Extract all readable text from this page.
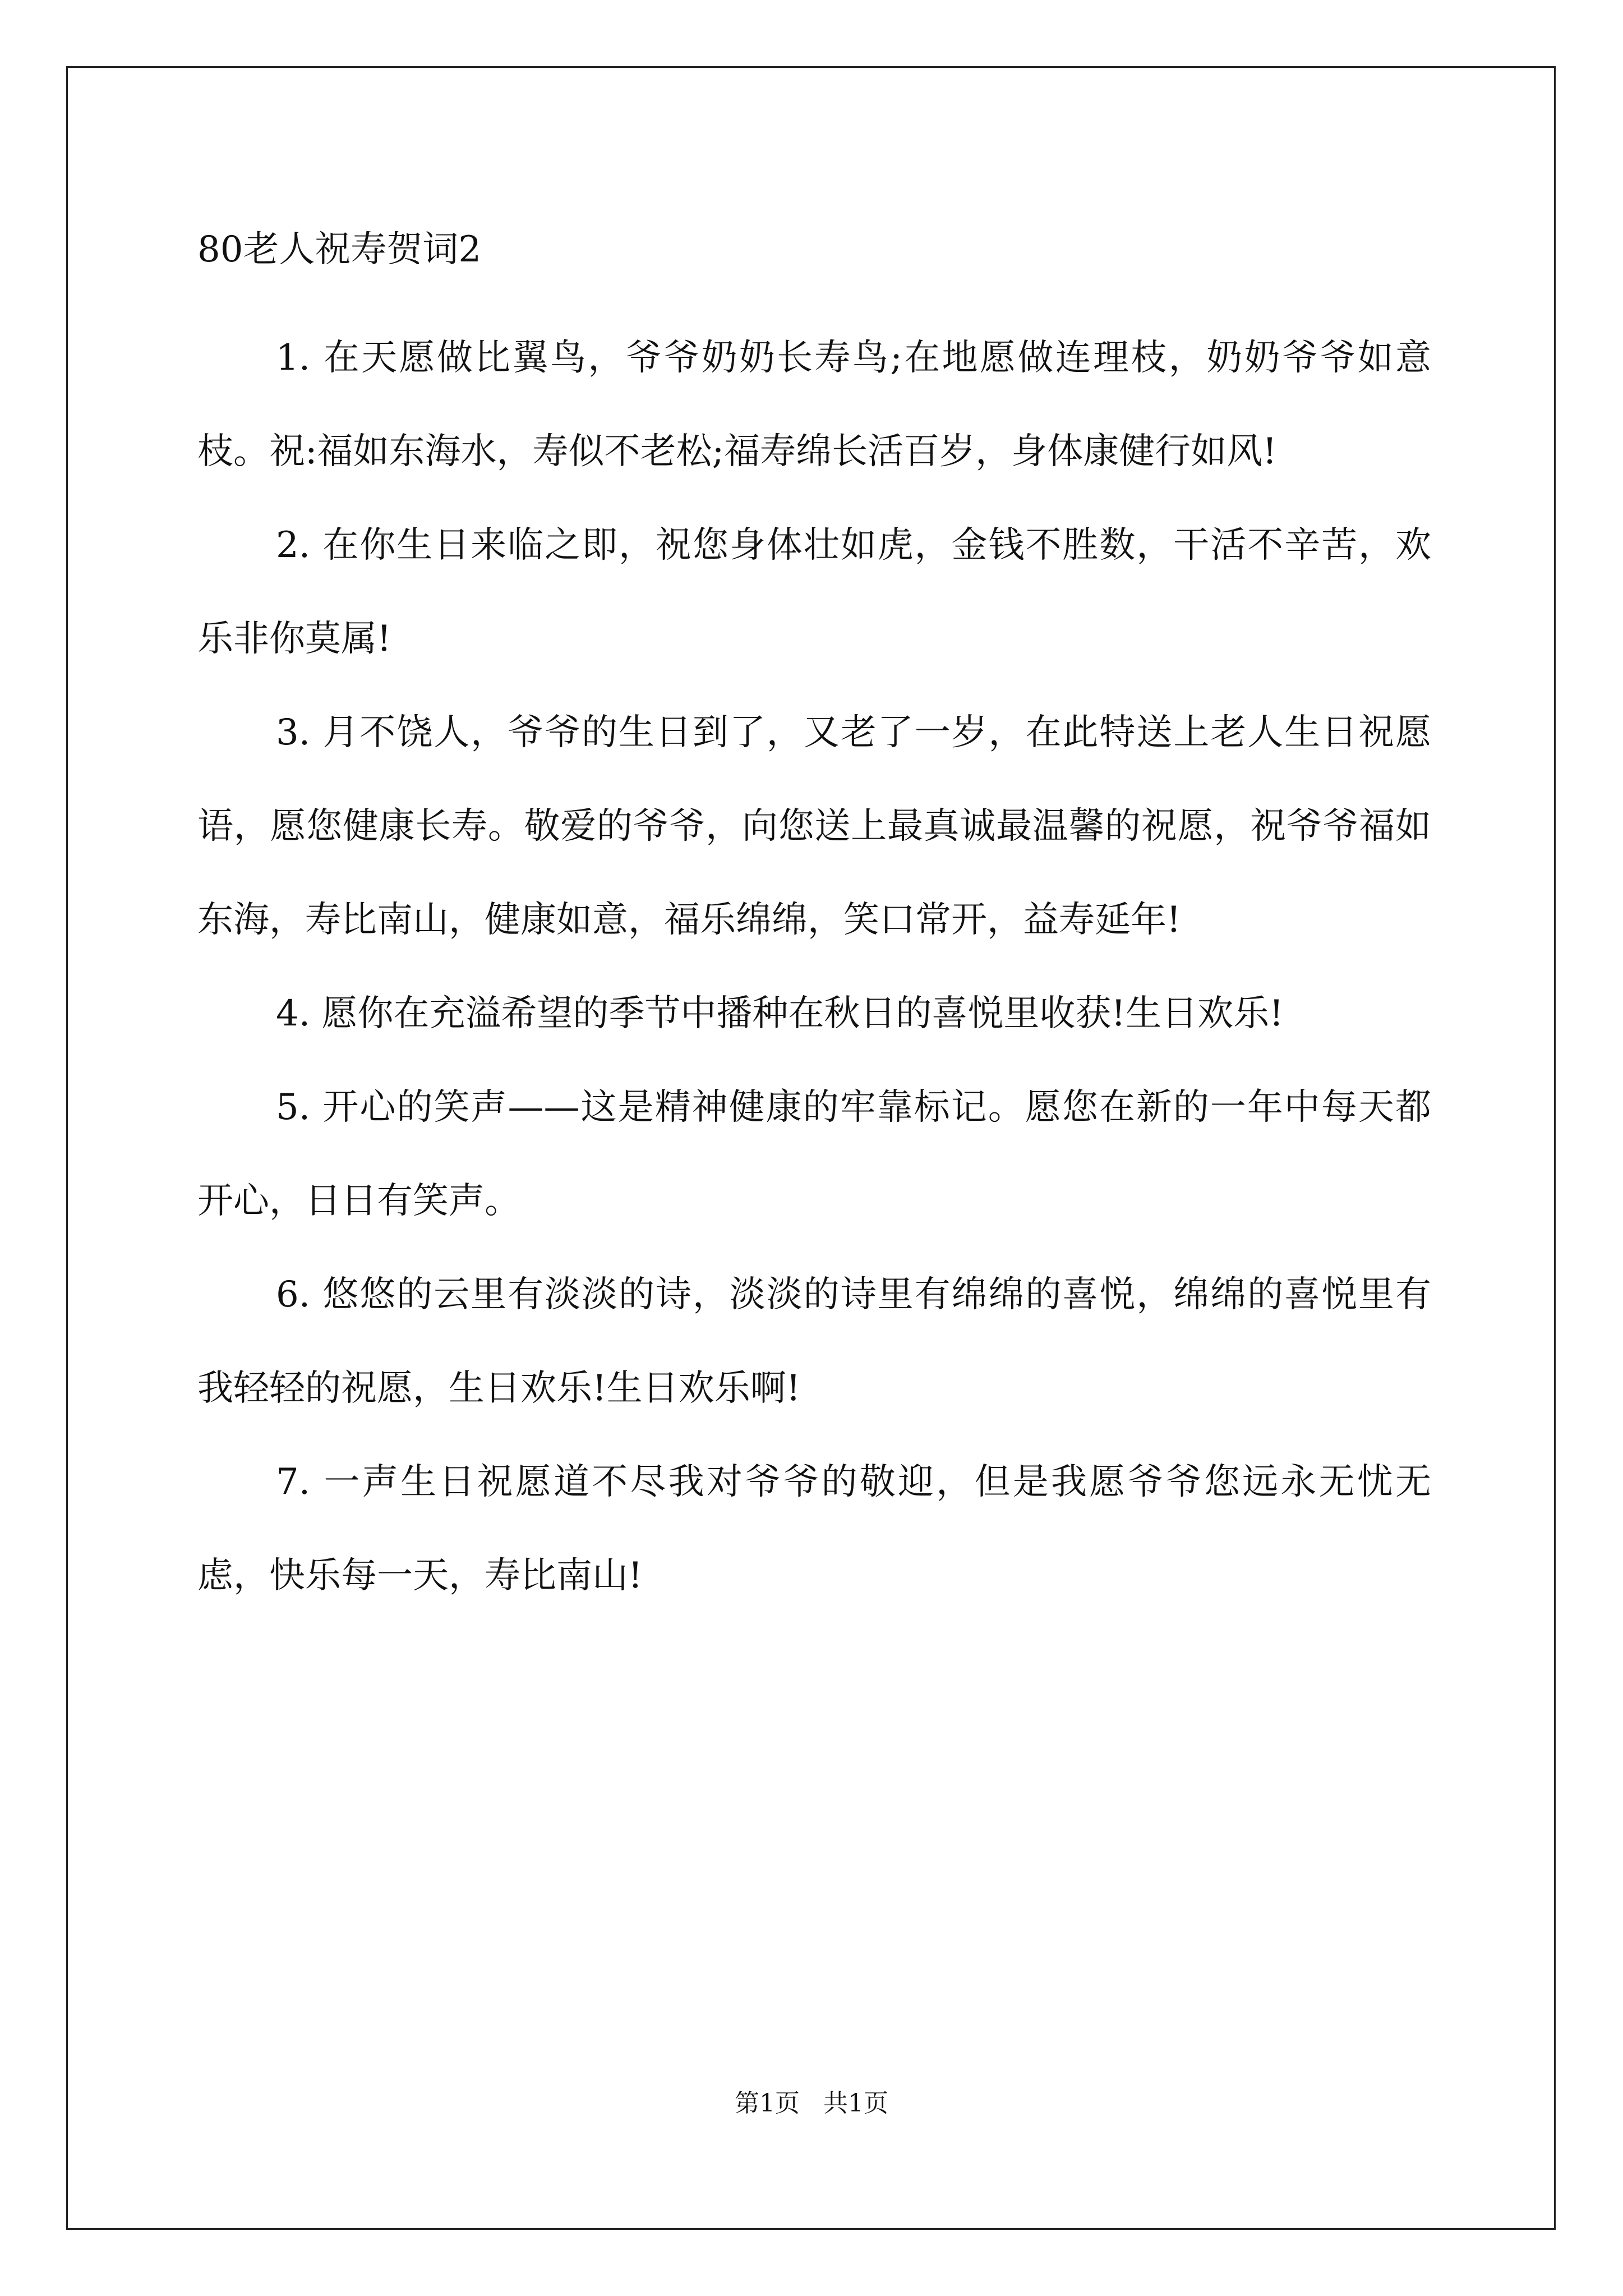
80老人祝寿贺词2

1. 在天愿做比翼鸟，爷爷奶奶长寿鸟;在地愿做连理枝，奶奶爷爷如意枝。祝:福如东海水，寿似不老松;福寿绵长活百岁，身体康健行如风!

2. 在你生日来临之即，祝您身体壮如虎，金钱不胜数，干活不辛苦，欢乐非你莫属!

3. 月不饶人，爷爷的生日到了，又老了一岁，在此特送上老人生日祝愿语，愿您健康长寿。敬爱的爷爷，向您送上最真诚最温馨的祝愿，祝爷爷福如东海，寿比南山，健康如意，福乐绵绵，笑口常开，益寿延年!

4. 愿你在充溢希望的季节中播种在秋日的喜悦里收获!生日欢乐!

5. 开心的笑声——这是精神健康的牢靠标记。愿您在新的一年中每天都开心，日日有笑声。

6. 悠悠的云里有淡淡的诗，淡淡的诗里有绵绵的喜悦，绵绵的喜悦里有我轻轻的祝愿，生日欢乐!生日欢乐啊!

7. 一声生日祝愿道不尽我对爷爷的敬迎，但是我愿爷爷您远永无忧无虑，快乐每一天，寿比南山!

第1页   共1页
